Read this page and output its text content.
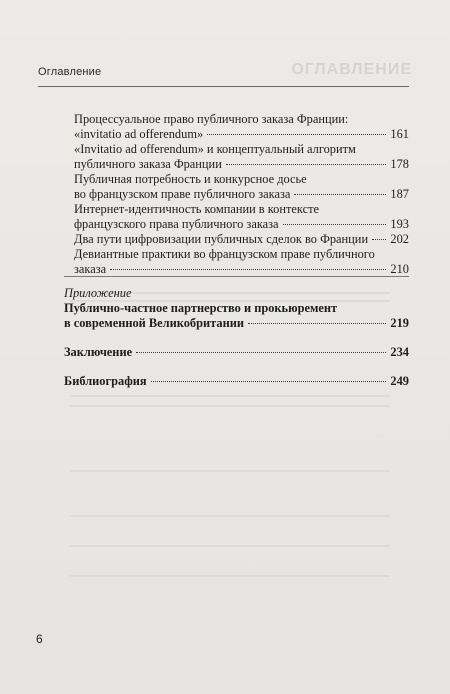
ОГЛАВЛЕНИЕ
Оглавление
Процессуальное право публичного заказа Франции:
«invitatio ad offerendum»	161
«Invitatio ad offerendum» и концептуальный алгоритм
публичного заказа Франции	178
Публичная потребность и конкурсное досье
во французском праве публичного заказа	187
Интернет-идентичность компании в контексте
французского права публичного заказа	193
Два пути цифровизации публичных сделок во Франции 202
Девиантные практики во французском праве публичного
заказа	210
Приложение
Публично-частное партнерство и прокьюремент
в современной Великобритании	219
Заключение	234
Библиография	249
6
